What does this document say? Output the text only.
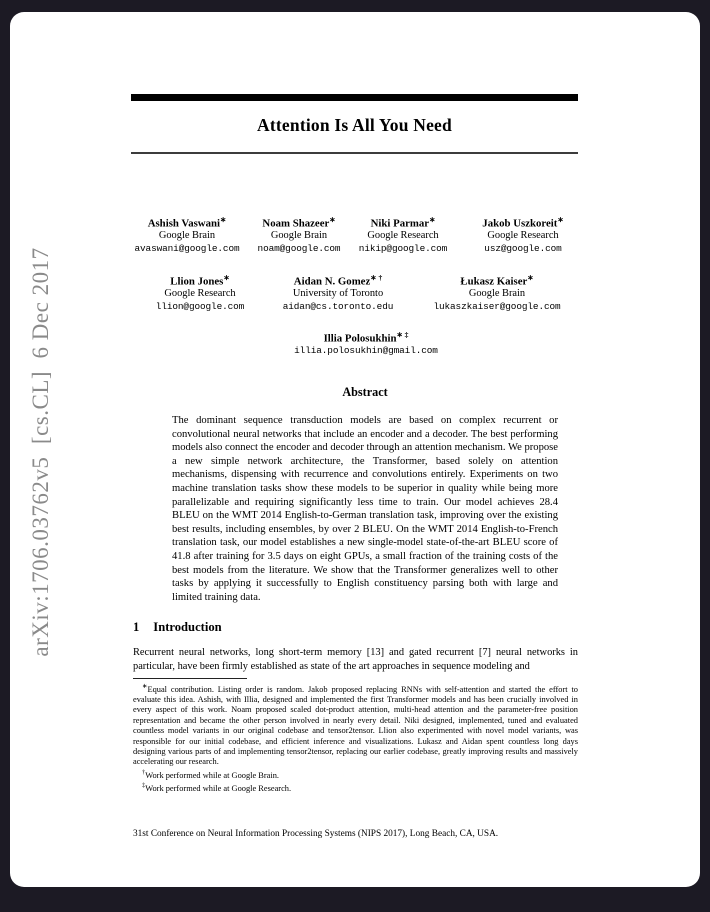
arXiv:1706.03762v5  [cs.CL]  6 Dec 2017
Attention Is All You Need
Ashish Vaswani∗
Google Brain
avaswani@google.com
Noam Shazeer∗
Google Brain
noam@google.com
Niki Parmar∗
Google Research
nikip@google.com
Jakob Uszkoreit∗
Google Research
usz@google.com
Llion Jones∗
Google Research
llion@google.com
Aidan N. Gomez∗ †
University of Toronto
aidan@cs.toronto.edu
Łukasz Kaiser∗
Google Brain
lukaszkaiser@google.com
Illia Polosukhin∗ ‡
illia.polosukhin@gmail.com
Abstract
The dominant sequence transduction models are based on complex recurrent or convolutional neural networks that include an encoder and a decoder. The best performing models also connect the encoder and decoder through an attention mechanism. We propose a new simple network architecture, the Transformer, based solely on attention mechanisms, dispensing with recurrence and convolutions entirely. Experiments on two machine translation tasks show these models to be superior in quality while being more parallelizable and requiring significantly less time to train. Our model achieves 28.4 BLEU on the WMT 2014 English-to-German translation task, improving over the existing best results, including ensembles, by over 2 BLEU. On the WMT 2014 English-to-French translation task, our model establishes a new single-model state-of-the-art BLEU score of 41.8 after training for 3.5 days on eight GPUs, a small fraction of the training costs of the best models from the literature. We show that the Transformer generalizes well to other tasks by applying it successfully to English constituency parsing both with large and limited training data.
1 Introduction
Recurrent neural networks, long short-term memory [13] and gated recurrent [7] neural networks in particular, have been firmly established as state of the art approaches in sequence modeling and

∗Equal contribution. Listing order is random. Jakob proposed replacing RNNs with self-attention and started the effort to evaluate this idea. Ashish, with Illia, designed and implemented the first Transformer models and has been crucially involved in every aspect of this work. Noam proposed scaled dot-product attention, multi-head attention and the parameter-free position representation and became the other person involved in nearly every detail. Niki designed, implemented, tuned and evaluated countless model variants in our original codebase and tensor2tensor. Llion also experimented with novel model variants, was responsible for our initial codebase, and efficient inference and visualizations. Lukasz and Aidan spent countless long days designing various parts of and implementing tensor2tensor, replacing our earlier codebase, greatly improving results and massively accelerating our research.

†Work performed while at Google Brain.

‡Work performed while at Google Research.

31st Conference on Neural Information Processing Systems (NIPS 2017), Long Beach, CA, USA.
